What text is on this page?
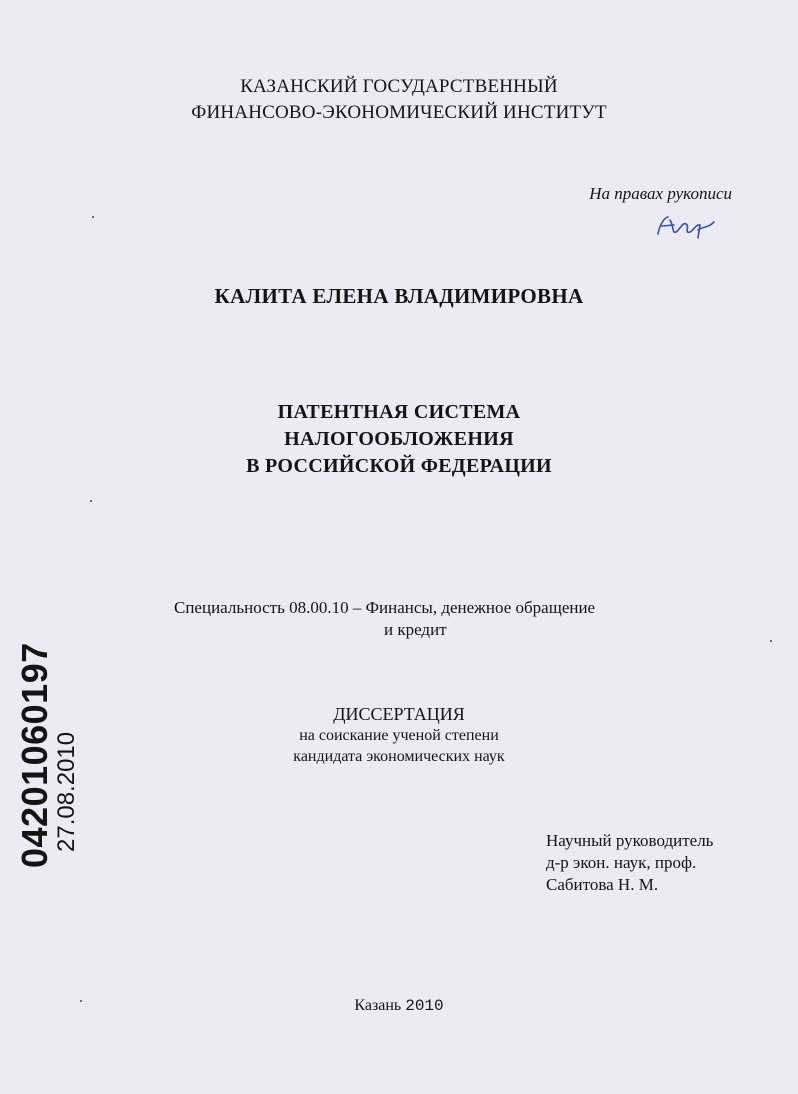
КАЗАНСКИЙ ГОСУДАРСТВЕННЫЙ
ФИНАНСОВО-ЭКОНОМИЧЕСКИЙ ИНСТИТУТ
На правах рукописи
КАЛИТА ЕЛЕНА ВЛАДИМИРОВНА
ПАТЕНТНАЯ СИСТЕМА
НАЛОГООБЛОЖЕНИЯ
В РОССИЙСКОЙ ФЕДЕРАЦИИ
Специальность 08.00.10 – Финансы, денежное обращение
и кредит
ДИССЕРТАЦИЯ
на соискание ученой степени
кандидата экономических наук
Научный руководитель
д-р экон. наук, проф.
Сабитова Н. М.
Казань 2010
04201060197
27.08.2010
